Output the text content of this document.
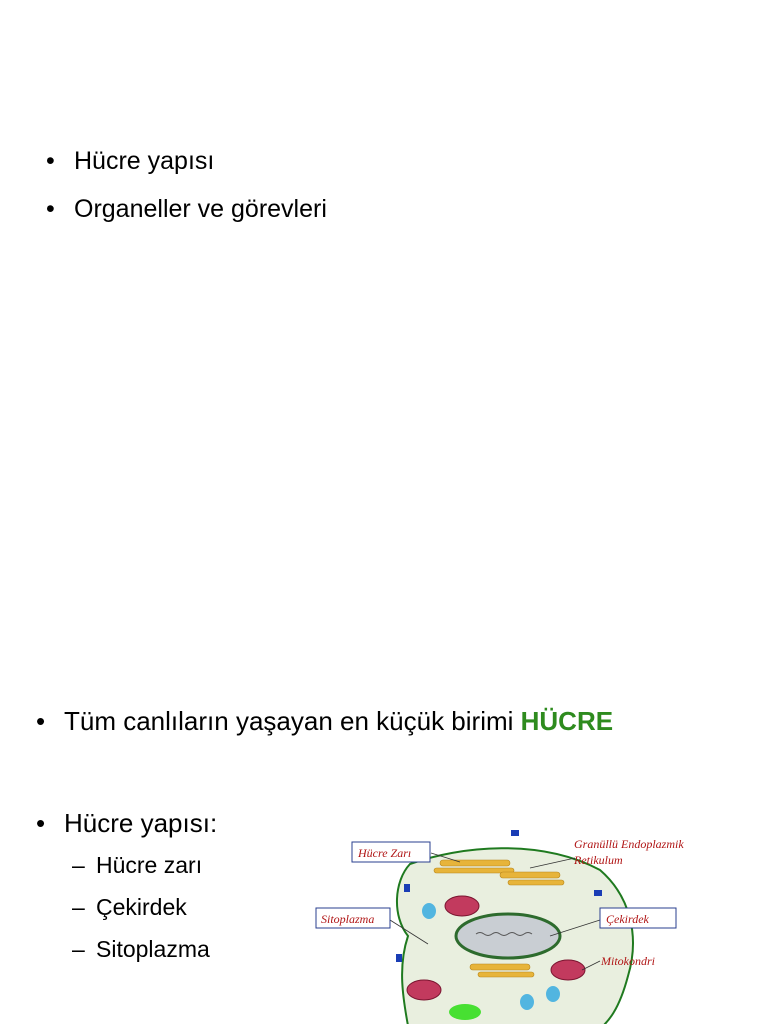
• Hücre yapısı
• Organeller ve görevleri
• Tüm canlıların yaşayan en küçük birimi HÜCRE
• Hücre yapısı:
– Hücre zarı
– Çekirdek
– Sitoplazma
Hücre Zarı
Sitoplazma	Çekirdek
Granüllü Endoplazmik
Retikulum
Mitokondri
